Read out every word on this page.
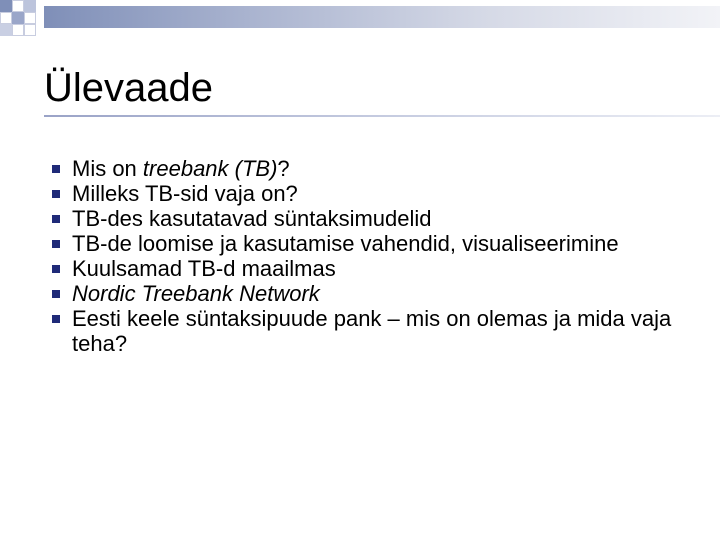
Ülevaade
Mis on treebank (TB)?
Milleks TB-sid vaja on?
TB-des kasutatavad süntaksimudelid
TB-de loomise ja kasutamise vahendid, visualiseerimine
Kuulsamad TB-d maailmas
Nordic Treebank Network
Eesti keele süntaksipuude pank – mis on olemas ja mida vaja teha?
